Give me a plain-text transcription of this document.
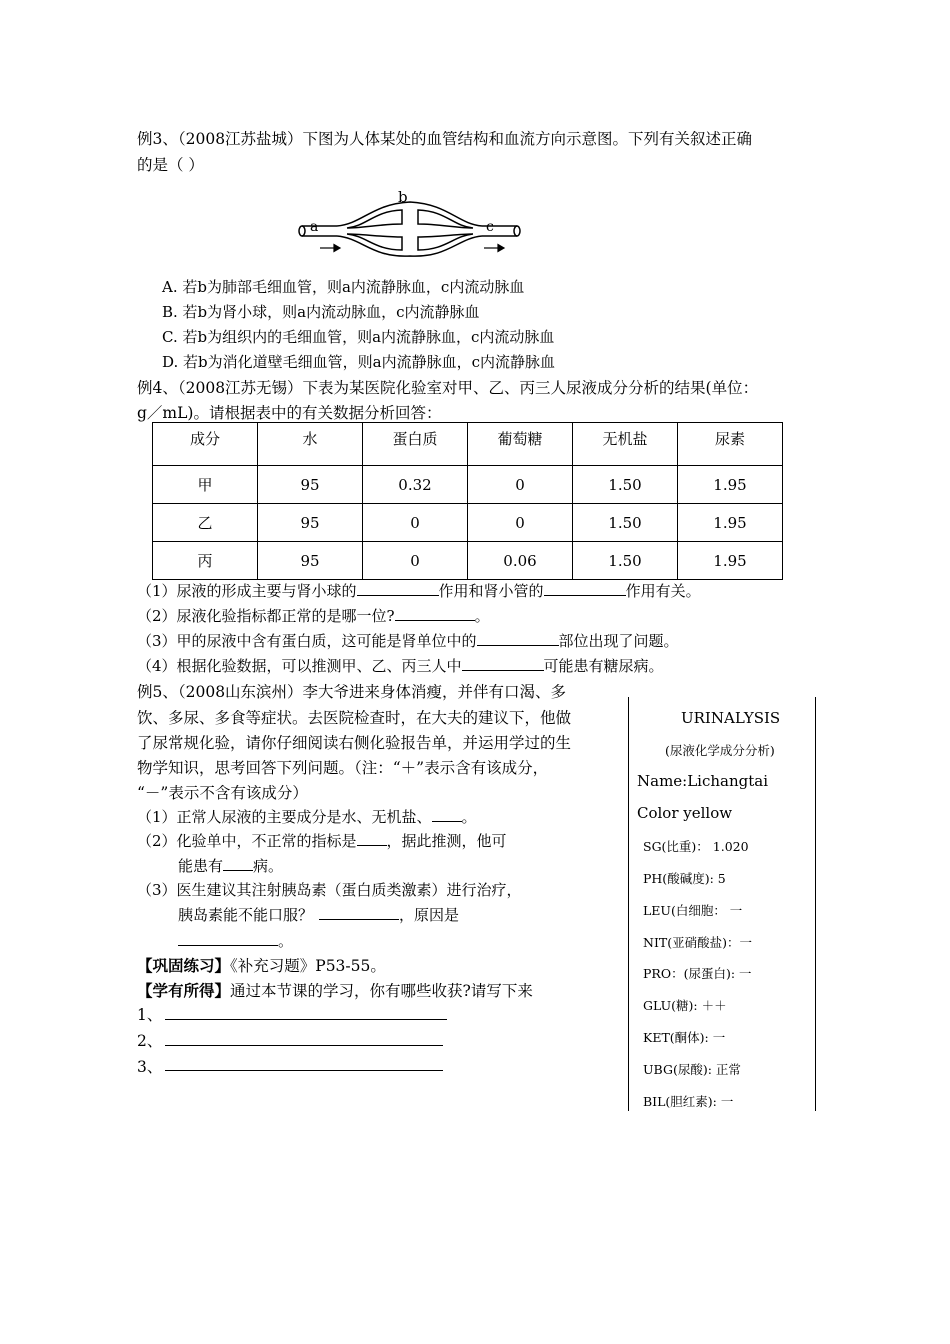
例3、（2008江苏盐城）下图为人体某处的血管结构和血流方向示意图。下列有关叙述正确
的是（ ）
a
b
c
A. 若b为肺部毛细血管，则a内流静脉血，c内流动脉血
B. 若b为肾小球，则a内流动脉血，c内流静脉血
C. 若b为组织内的毛细血管，则a内流静脉血，c内流动脉血
D. 若b为消化道壁毛细血管，则a内流静脉血，c内流静脉血
例4、（2008江苏无锡）下表为某医院化验室对甲、乙、丙三人尿液成分分析的结果(单位：
g／mL)。请根据表中的有关数据分析回答：
成分	水	蛋白质	葡萄糖	无机盐	尿素
甲	95	0.32	0	1.50	1.95
乙	95	0	0	1.50	1.95
丙	95	0	0.06	1.50	1.95
（1）尿液的形成主要与肾小球的	作用和肾小管的	作用有关。
（2）尿液化验指标都正常的是哪一位?	。
（3）甲的尿液中含有蛋白质，这可能是肾单位中的	部位出现了问题。
（4）根据化验数据，可以推测甲、乙、丙三人中	可能患有糖尿病。
例5、（2008山东滨州）李大爷进来身体消瘦，并伴有口渴、多
饮、多尿、多食等症状。去医院检查时，在大夫的建议下，他做
了尿常规化验，请你仔细阅读右侧化验报告单，并运用学过的生
物学知识，思考回答下列问题。（注：“＋”表示含有该成分，
“－”表示不含有该成分）
（1）正常人尿液的主要成分是水、无机盐、 。
（2）化验单中，不正常的指标是 ，据此推测，他可
能患有 病。
（3）医生建议其注射胰岛素（蛋白质类激素）进行治疗，
胰岛素能不能口服？	，原因是
。
URINALYSIS
(尿液化学成分分析)
Name:Lichangtai
Color yellow
SG(比重)： 1.020
PH(酸碱度): 5
LEU(白细胞： 一
NIT(亚硝酸盐)：一
PRO：(尿蛋白): 一
GLU(糖): ＋＋
KET(酮体): 一
UBG(尿酸): 正常
BIL(胆红素): 一
【巩固练习】《补充习题》P53-55。
【学有所得】通过本节课的学习，你有哪些收获?请写下来
1、
2、
3、
